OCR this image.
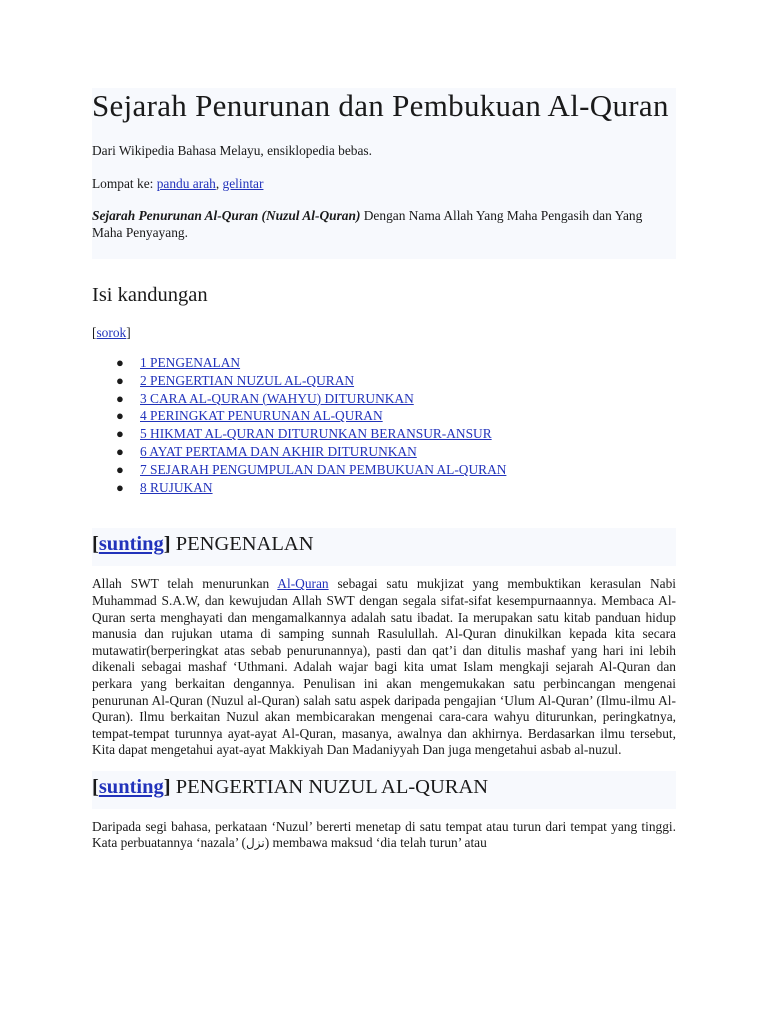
Sejarah Penurunan dan Pembukuan Al-Quran

Dari Wikipedia Bahasa Melayu, ensiklopedia bebas.

Lompat ke: pandu arah, gelintar

Sejarah Penurunan Al-Quran (Nuzul Al-Quran) Dengan Nama Allah Yang Maha Pengasih dan Yang Maha Penyayang.

Isi kandungan

[sorok]

● 1 PENGENALAN
● 2 PENGERTIAN NUZUL AL-QURAN
● 3 CARA AL-QURAN (WAHYU) DITURUNKAN
● 4 PERINGKAT PENURUNAN AL-QURAN
● 5 HIKMAT AL-QURAN DITURUNKAN BERANSUR-ANSUR
● 6 AYAT PERTAMA DAN AKHIR DITURUNKAN
● 7 SEJARAH PENGUMPULAN DAN PEMBUKUAN AL-QURAN
● 8 RUJUKAN
[sunting] PENGENALAN

Allah SWT telah menurunkan Al-Quran sebagai satu mukjizat yang membuktikan kerasulan Nabi Muhammad S.A.W, dan kewujudan Allah SWT dengan segala sifat-sifat kesempurnaannya. Membaca Al-Quran serta menghayati dan mengamalkannya adalah satu ibadat. Ia merupakan satu kitab panduan hidup manusia dan rujukan utama di samping sunnah Rasulullah. Al-Quran dinukilkan kepada kita secara mutawatir(berperingkat atas sebab penurunannya), pasti dan qat’i dan ditulis mashaf yang hari ini lebih dikenali sebagai mashaf ‘Uthmani. Adalah wajar bagi kita umat Islam mengkaji sejarah Al-Quran dan perkara yang berkaitan dengannya. Penulisan ini akan mengemukakan satu perbincangan mengenai penurunan Al-Quran (Nuzul al-Quran) salah satu aspek daripada pengajian ‘Ulum Al-Quran’ (Ilmu-ilmu Al-Quran). Ilmu berkaitan Nuzul akan membicarakan mengenai cara-cara wahyu diturunkan, peringkatnya, tempat-tempat turunnya ayat-ayat Al-Quran, masanya, awalnya dan akhirnya. Berdasarkan ilmu tersebut, Kita dapat mengetahui ayat-ayat Makkiyah Dan Madaniyyah Dan juga mengetahui asbab al-nuzul.

[sunting] PENGERTIAN NUZUL AL-QURAN

Daripada segi bahasa, perkataan ‘Nuzul’ bererti menetap di satu tempat atau turun dari tempat yang tinggi. Kata perbuatannya ‘nazala’ (نزل) membawa maksud ‘dia telah turun’ atau
